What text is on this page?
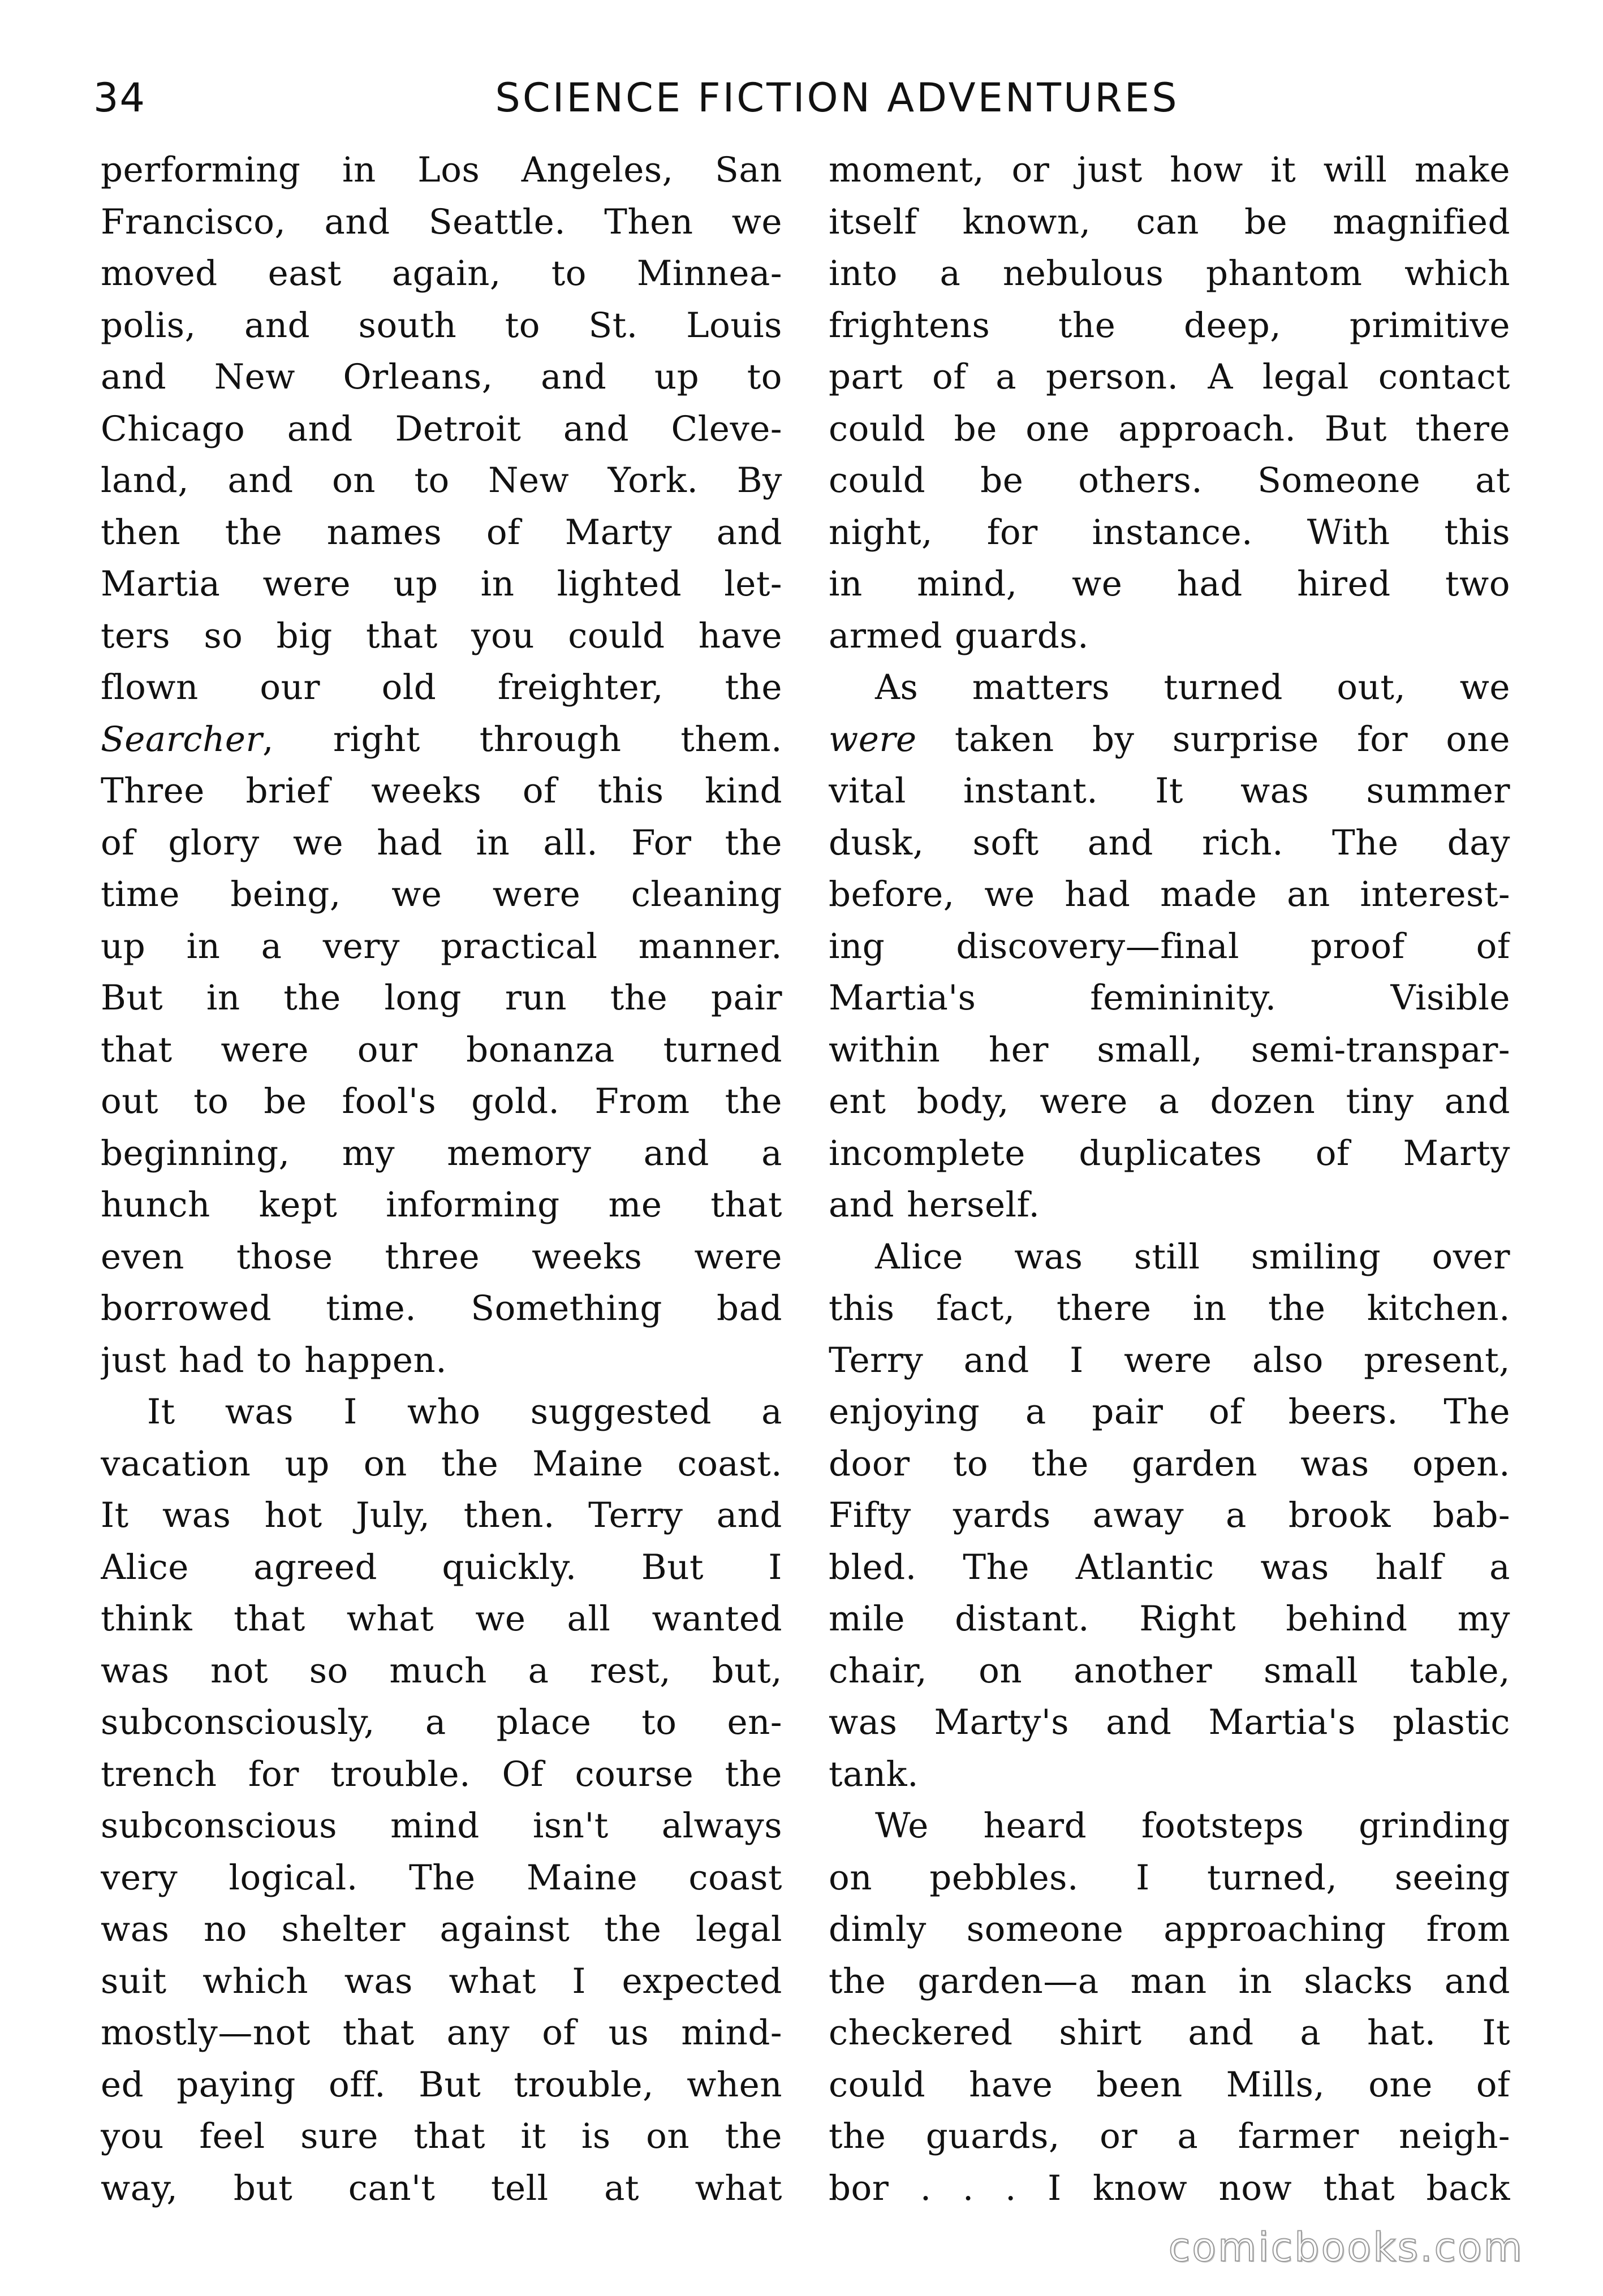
34	SCIENCE FICTION ADVENTURES
performing in Los Angeles, San
Francisco, and Seattle. Then we
moved east again, to Minnea-
polis, and south to St. Louis
and New Orleans, and up to
Chicago and Detroit and Cleve-
land, and on to New York. By
then the names of Marty and
Martia were up in lighted let-
ters so big that you could have
flown our old freighter, the
Searcher, right through them.
Three brief weeks of this kind
of glory we had in all. For the
time being, we were cleaning
up in a very practical manner.
But in the long run the pair
that were our bonanza turned
out to be fool's gold. From the
beginning, my memory and a
hunch kept informing me that
even those three weeks were
borrowed time. Something bad
just had to happen.
It was I who suggested a
vacation up on the Maine coast.
It was hot July, then. Terry and
Alice agreed quickly. But I
think that what we all wanted
was not so much a rest, but,
subconsciously, a place to en-
trench for trouble. Of course the
subconscious mind isn't always
very logical. The Maine coast
was no shelter against the legal
suit which was what I expected
mostly—not that any of us mind-
ed paying off. But trouble, when
you feel sure that it is on the
way, but can't tell at what
moment, or just how it will make
itself known, can be magnified
into a nebulous phantom which
frightens the deep, primitive
part of a person. A legal contact
could be one approach. But there
could be others. Someone at
night, for instance. With this
in mind, we had hired two
armed guards.
As matters turned out, we
were taken by surprise for one
vital instant. It was summer
dusk, soft and rich. The day
before, we had made an interest-
ing discovery—final proof of
Martia's femininity. Visible
within her small, semi-transpar-
ent body, were a dozen tiny and
incomplete duplicates of Marty
and herself.
Alice was still smiling over
this fact, there in the kitchen.
Terry and I were also present,
enjoying a pair of beers. The
door to the garden was open.
Fifty yards away a brook bab-
bled. The Atlantic was half a
mile distant. Right behind my
chair, on another small table,
was Marty's and Martia's plastic
tank.
We heard footsteps grinding
on pebbles. I turned, seeing
dimly someone approaching from
the garden—a man in slacks and
checkered shirt and a hat. It
could have been Mills, one of
the guards, or a farmer neigh-
bor . . . I know now that back
comicbooks.com
